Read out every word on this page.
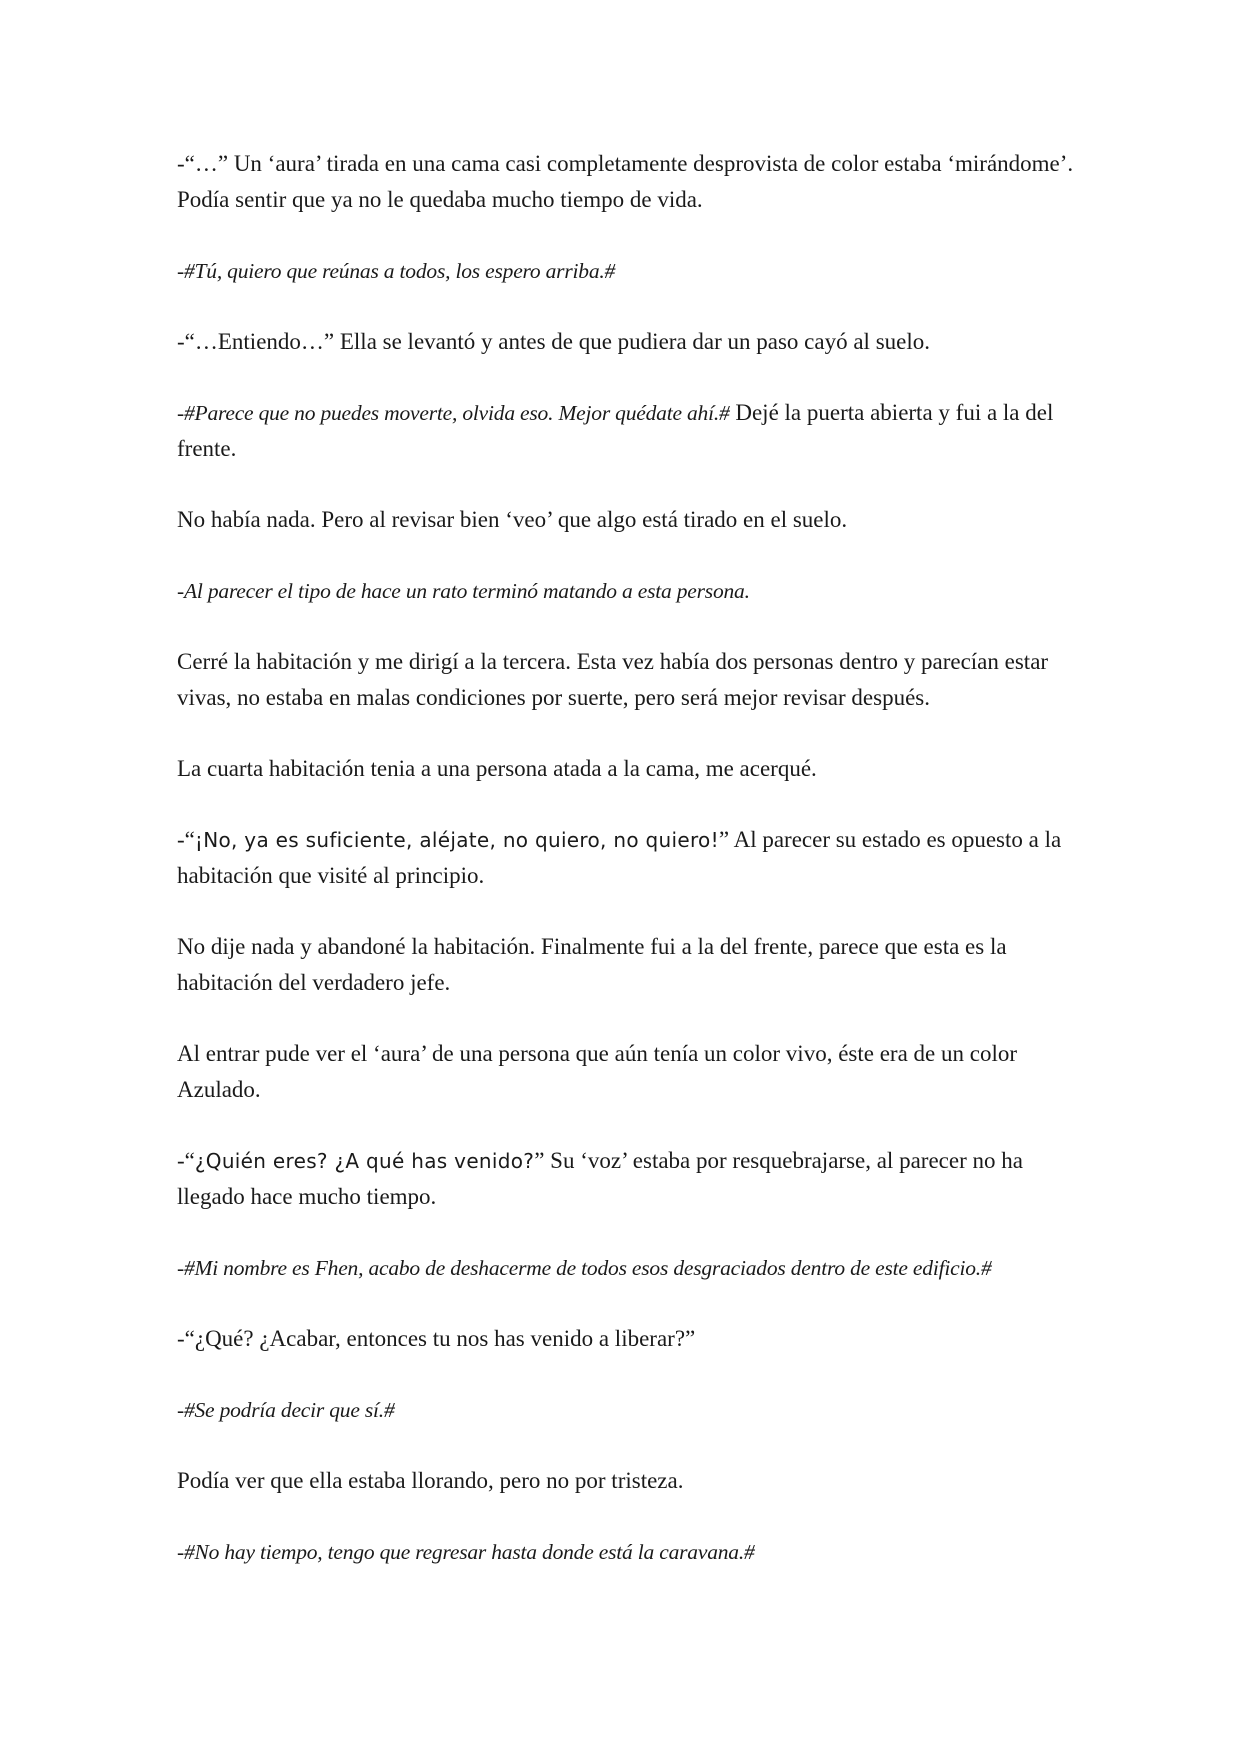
-“…” Un ‘aura’ tirada en una cama casi completamente desprovista de color estaba ‘mirándome’. Podía sentir que ya no le quedaba mucho tiempo de vida.

-#Tú, quiero que reúnas a todos, los espero arriba.#

-“…Entiendo…” Ella se levantó y antes de que pudiera dar un paso cayó al suelo.

-#Parece que no puedes moverte, olvida eso. Mejor quédate ahí.# Dejé la puerta abierta y fui a la del frente.

No había nada. Pero al revisar bien ‘veo’ que algo está tirado en el suelo.

-Al parecer el tipo de hace un rato terminó matando a esta persona.

Cerré la habitación y me dirigí a la tercera. Esta vez había dos personas dentro y parecían estar vivas, no estaba en malas condiciones por suerte, pero será mejor revisar después.

La cuarta habitación tenia a una persona atada a la cama, me acerqué.

-“¡No, ya es suficiente, aléjate, no quiero, no quiero!” Al parecer su estado es opuesto a la habitación que visité al principio.

No dije nada y abandoné la habitación. Finalmente fui a la del frente, parece que esta es la habitación del verdadero jefe.

Al entrar pude ver el ‘aura’ de una persona que aún tenía un color vivo, éste era de un color Azulado.

-“¿Quién eres? ¿A qué has venido?” Su ‘voz’ estaba por resquebrajarse, al parecer no ha llegado hace mucho tiempo.

-#Mi nombre es Fhen, acabo de deshacerme de todos esos desgraciados dentro de este edificio.#

-“¿Qué? ¿Acabar, entonces tu nos has venido a liberar?”

-#Se podría decir que sí.#

Podía ver que ella estaba llorando, pero no por tristeza.

-#No hay tiempo, tengo que regresar hasta donde está la caravana.#
